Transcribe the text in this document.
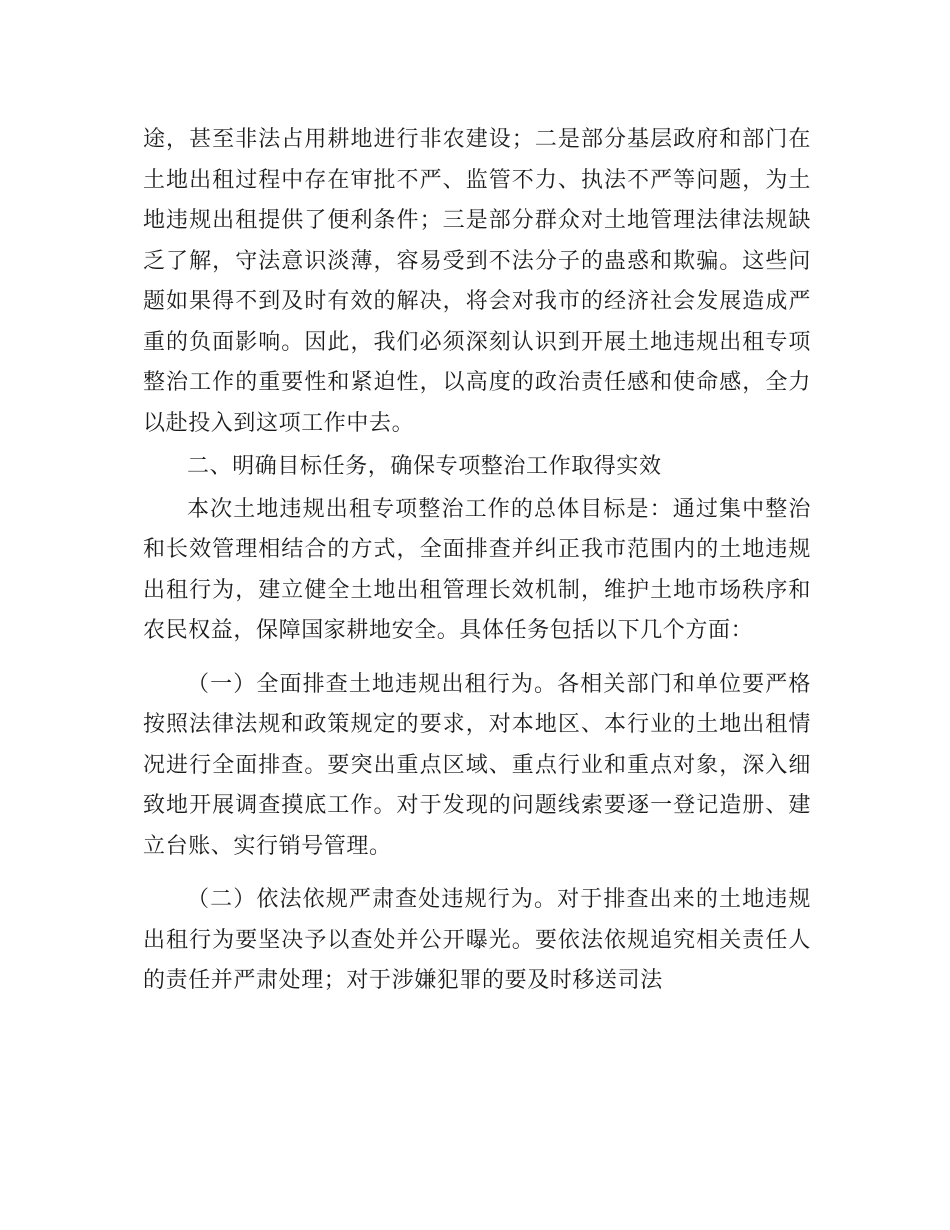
途，甚至非法占用耕地进行非农建设；二是部分基层政府和部门在土地出租过程中存在审批不严、监管不力、执法不严等问题，为土地违规出租提供了便利条件；三是部分群众对土地管理法律法规缺乏了解，守法意识淡薄，容易受到不法分子的蛊惑和欺骗。这些问题如果得不到及时有效的解决，将会对我市的经济社会发展造成严重的负面影响。因此，我们必须深刻认识到开展土地违规出租专项整治工作的重要性和紧迫性，以高度的政治责任感和使命感，全力以赴投入到这项工作中去。

二、明确目标任务，确保专项整治工作取得实效

本次土地违规出租专项整治工作的总体目标是：通过集中整治和长效管理相结合的方式，全面排查并纠正我市范围内的土地违规出租行为，建立健全土地出租管理长效机制，维护土地市场秩序和农民权益，保障国家耕地安全。具体任务包括以下几个方面：

（一）全面排查土地违规出租行为。各相关部门和单位要严格按照法律法规和政策规定的要求，对本地区、本行业的土地出租情况进行全面排查。要突出重点区域、重点行业和重点对象，深入细致地开展调查摸底工作。对于发现的问题线索要逐一登记造册、建立台账、实行销号管理。

（二）依法依规严肃查处违规行为。对于排查出来的土地违规出租行为要坚决予以查处并公开曝光。要依法依规追究相关责任人的责任并严肃处理；对于涉嫌犯罪的要及时移送司法
